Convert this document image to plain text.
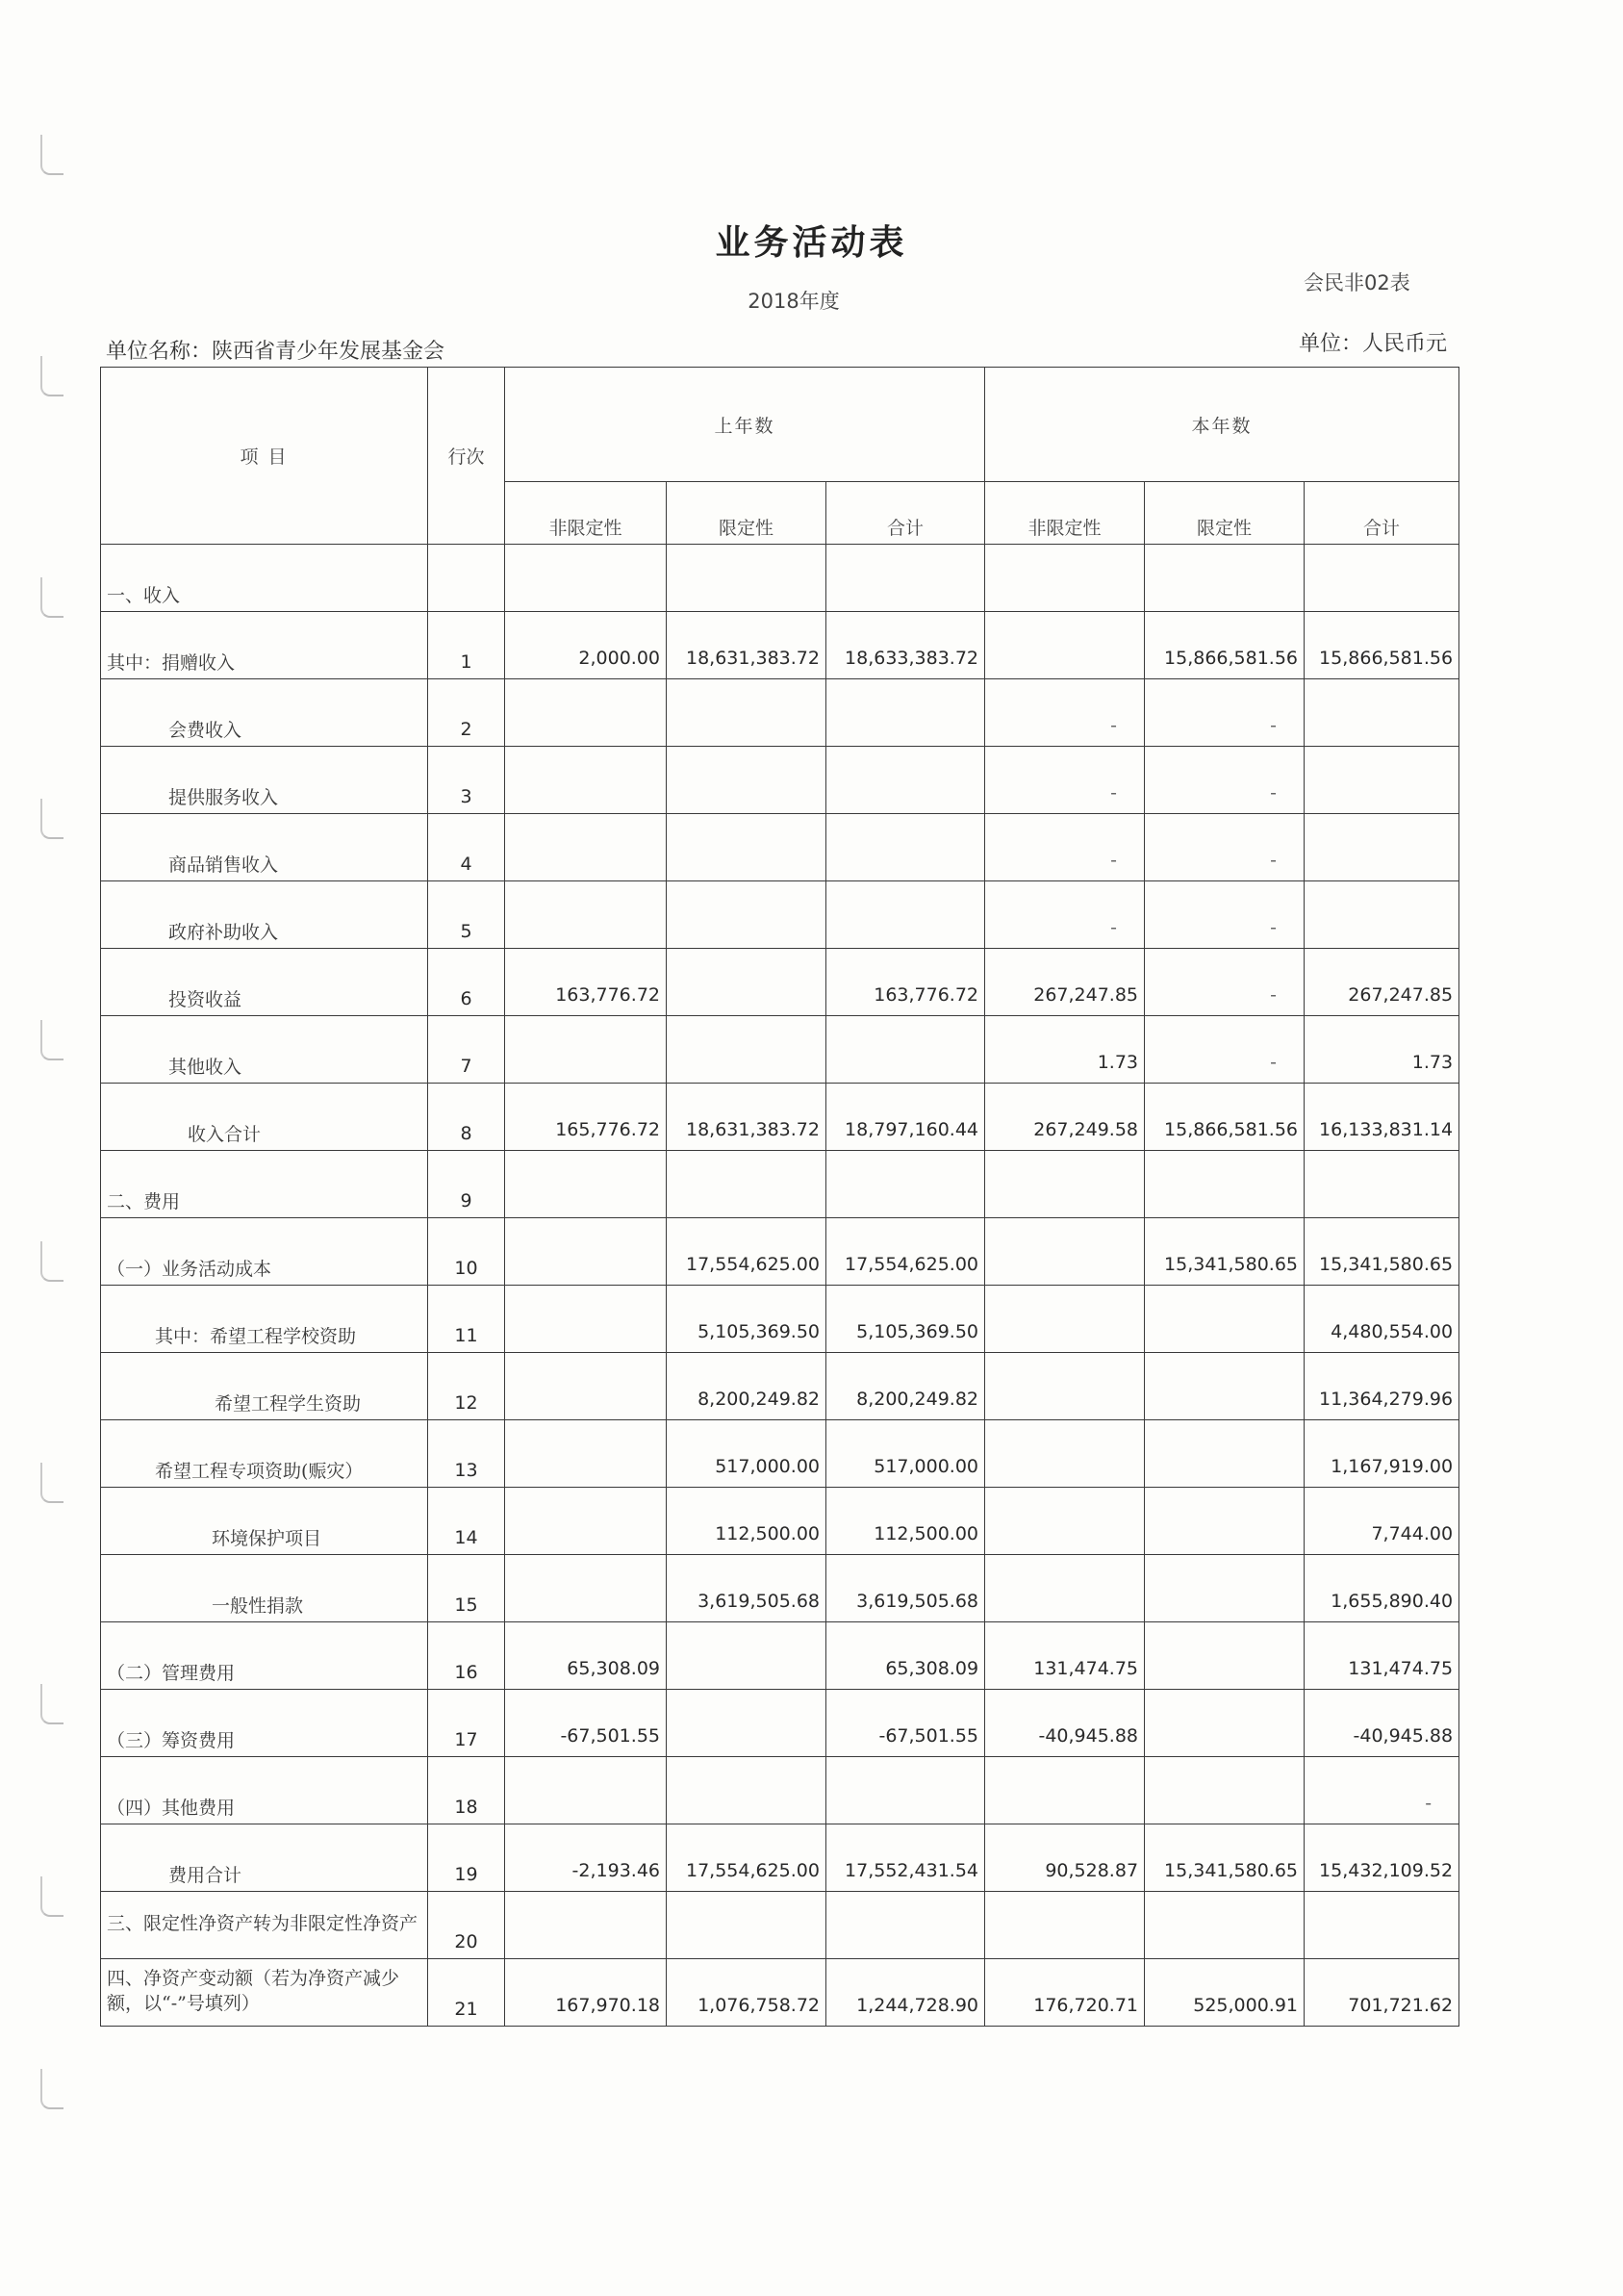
业务活动表
2018年度
会民非02表
单位名称：陕西省青少年发展基金会	单位：人民币元
项 目	行次	上年数			本年数		
		非限定性	限定性	合计	非限定性	限定性	合计
一、收入							
其中：捐赠收入	1	2,000.00	18,631,383.72	18,633,383.72		15,866,581.56	15,866,581.56
会费收入	2				-	-	
提供服务收入	3				-	-	
商品销售收入	4				-	-	
政府补助收入	5				-	-	
投资收益	6	163,776.72		163,776.72	267,247.85	-	267,247.85
其他收入	7				1.73	-	1.73
收入合计	8	165,776.72	18,631,383.72	18,797,160.44	267,249.58	15,866,581.56	16,133,831.14
二、费用	9						
（一）业务活动成本	10		17,554,625.00	17,554,625.00		15,341,580.65	15,341,580.65
其中：希望工程学校资助	11		5,105,369.50	5,105,369.50			4,480,554.00
希望工程学生资助	12		8,200,249.82	8,200,249.82			11,364,279.96
希望工程专项资助(赈灾）	13		517,000.00	517,000.00			1,167,919.00
环境保护项目	14		112,500.00	112,500.00			7,744.00
一般性捐款	15		3,619,505.68	3,619,505.68			1,655,890.40
（二）管理费用	16	65,308.09		65,308.09	131,474.75		131,474.75
（三）筹资费用	17	-67,501.55		-67,501.55	-40,945.88		-40,945.88
（四）其他费用	18						-
费用合计	19	-2,193.46	17,554,625.00	17,552,431.54	90,528.87	15,341,580.65	15,432,109.52
三、限定性净资产转为非限定性净资产	20						
四、净资产变动额（若为净资产减少额，以“-”号填列）	21	167,970.18	1,076,758.72	1,244,728.90	176,720.71	525,000.91	701,721.62
